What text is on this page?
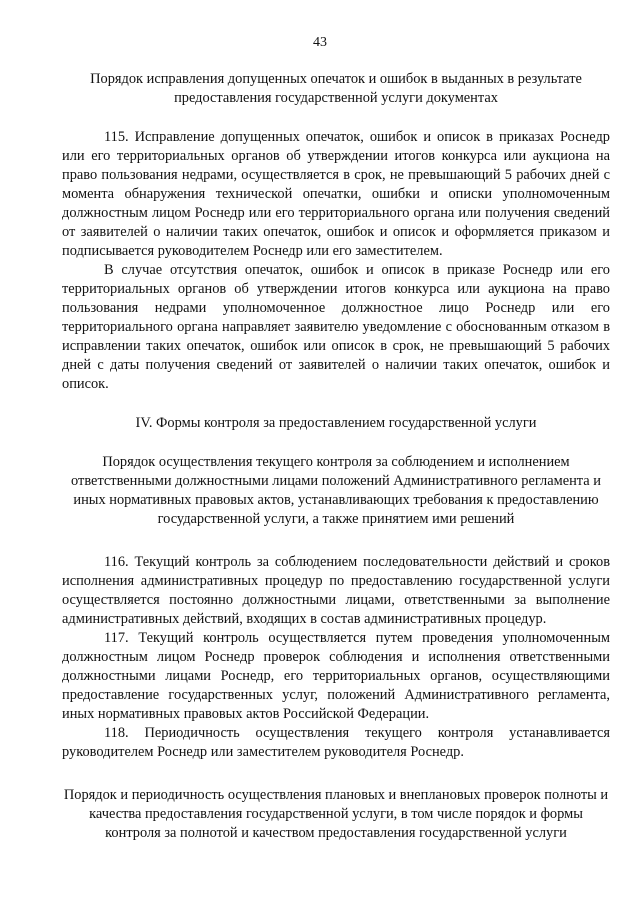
43

Порядок исправления допущенных опечаток и ошибок в выданных в результате предоставления государственной услуги документах

115. Исправление допущенных опечаток, ошибок и описок в приказах Роснедр или его территориальных органов об утверждении итогов конкурса или аукциона на право пользования недрами, осуществляется в срок, не превышающий 5 рабочих дней с момента обнаружения технической опечатки, ошибки и описки уполномоченным должностным лицом Роснедр или его территориального органа или получения сведений от заявителей о наличии таких опечаток, ошибок и описок и оформляется приказом и подписывается руководителем Роснедр или его заместителем.

В случае отсутствия опечаток, ошибок и описок в приказе Роснедр или его территориальных органов об утверждении итогов конкурса или аукциона на право пользования недрами уполномоченное должностное лицо Роснедр или его территориального органа направляет заявителю уведомление с обоснованным отказом в исправлении таких опечаток, ошибок или описок в срок, не превышающий 5 рабочих дней с даты получения сведений от заявителей о наличии таких опечаток, ошибок и описок.

IV. Формы контроля за предоставлением государственной услуги

Порядок осуществления текущего контроля за соблюдением и исполнением ответственными должностными лицами положений Административного регламента и иных нормативных правовых актов, устанавливающих требования к предоставлению государственной услуги, а также принятием ими решений

116. Текущий контроль за соблюдением последовательности действий и сроков исполнения административных процедур по предоставлению государственной услуги осуществляется постоянно должностными лицами, ответственными за выполнение административных действий, входящих в состав административных процедур.

117. Текущий контроль осуществляется путем проведения уполномоченным должностным лицом Роснедр проверок соблюдения и исполнения ответственными должностными лицами Роснедр, его территориальных органов, осуществляющими предоставление государственных услуг, положений Административного регламента, иных нормативных правовых актов Российской Федерации.

118. Периодичность осуществления текущего контроля устанавливается руководителем Роснедр или заместителем руководителя Роснедр.

Порядок и периодичность осуществления плановых и внеплановых проверок полноты и качества предоставления государственной услуги, в том числе порядок и формы контроля за полнотой и качеством предоставления государственной услуги
